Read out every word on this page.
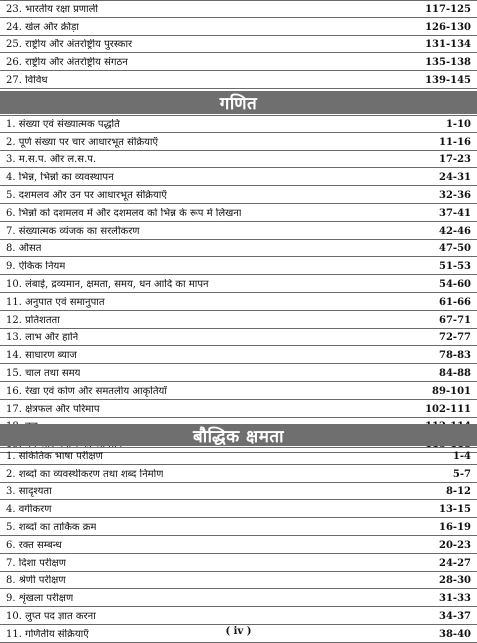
23. भारतीय रक्षा प्रणाली	117-125
24. खेल और क्रीड़ा	126-130
25. राष्ट्रीय और अंतर्राष्ट्रीय पुरस्कार	131-134
26. राष्ट्रीय और अंतर्राष्ट्रीय संगठन	135-138
27. विविध	139-145
गणित
1. संख्या एवं संख्यात्मक पद्धति	1-10
2. पूर्ण संख्या पर चार आधारभूत संक्रियाएँ	11-16
3. म.स.प. और ल.स.प.	17-23
4. भिन्न, भिन्नों का व्यवस्थापन	24-31
5. दशमलव और उन पर आधारभूत संक्रियाएँ	32-36
6. भिन्नों को दशमलव में और दशमलव को भिन्न के रूप में लिखना	37-41
7. संख्यात्मक व्यंजक का सरलीकरण	42-46
8. औसत	47-50
9. ऐकिक नियम	51-53
10. लंबाई, द्रव्यमान, क्षमता, समय, धन आदि का मापन	54-60
11. अनुपात एवं समानुपात	61-66
12. प्रतिशतता	67-71
13. लाभ और हानि	72-77
14. साधारण ब्याज	78-83
15. चाल तथा समय	84-88
16. रेखा एवं कोण और समतलीय आकृतियाँ	89-101
17. क्षेत्रफल और परिमाप	102-111
बौद्धिक क्षमता
1. सांकेतिक भाषा परीक्षण	1-4
2. शब्दों का व्यवस्थीकरण तथा शब्द निर्माण	5-7
3. सादृश्यता	8-12
4. वर्गीकरण	13-15
5. शब्दों का तार्किक क्रम	16-19
6. रक्त सम्बन्ध	20-23
7. दिशा परीक्षण	24-27
8. श्रेणी परीक्षण	28-30
9. शृंखला परीक्षण	31-33
10. लुप्त पद ज्ञात करना	34-37
11. गणितीय संक्रियाएँ	38-40
( iv )
